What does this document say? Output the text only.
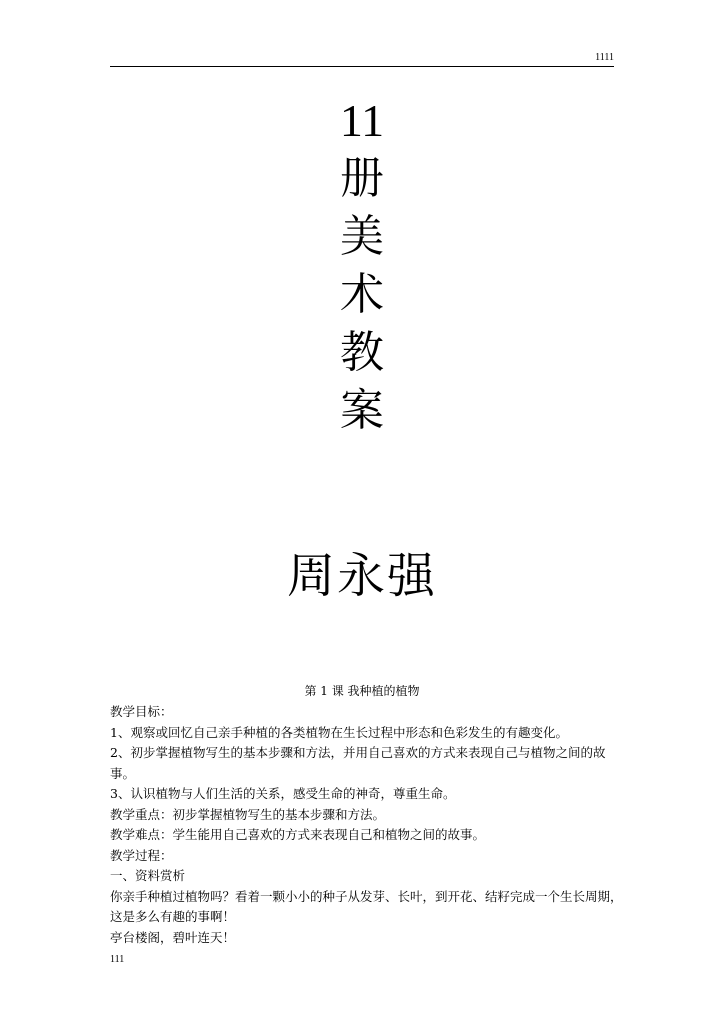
1111
11
册
美
术
教
案
周永强
第 1 课 我种植的植物

教学目标：

1、观察或回忆自己亲手种植的各类植物在生长过程中形态和色彩发生的有趣变化。

2、初步掌握植物写生的基本步骤和方法，并用自己喜欢的方式来表现自己与植物之间的故事。

3、认识植物与人们生活的关系，感受生命的神奇，尊重生命。

教学重点：初步掌握植物写生的基本步骤和方法。

教学难点：学生能用自己喜欢的方式来表现自己和植物之间的故事。

教学过程：

一、资料赏析

你亲手种植过植物吗？看着一颗小小的种子从发芽、长叶，到开花、结籽完成一个生长周期，这是多么有趣的事啊！

亭台楼阁，碧叶连天！

111
